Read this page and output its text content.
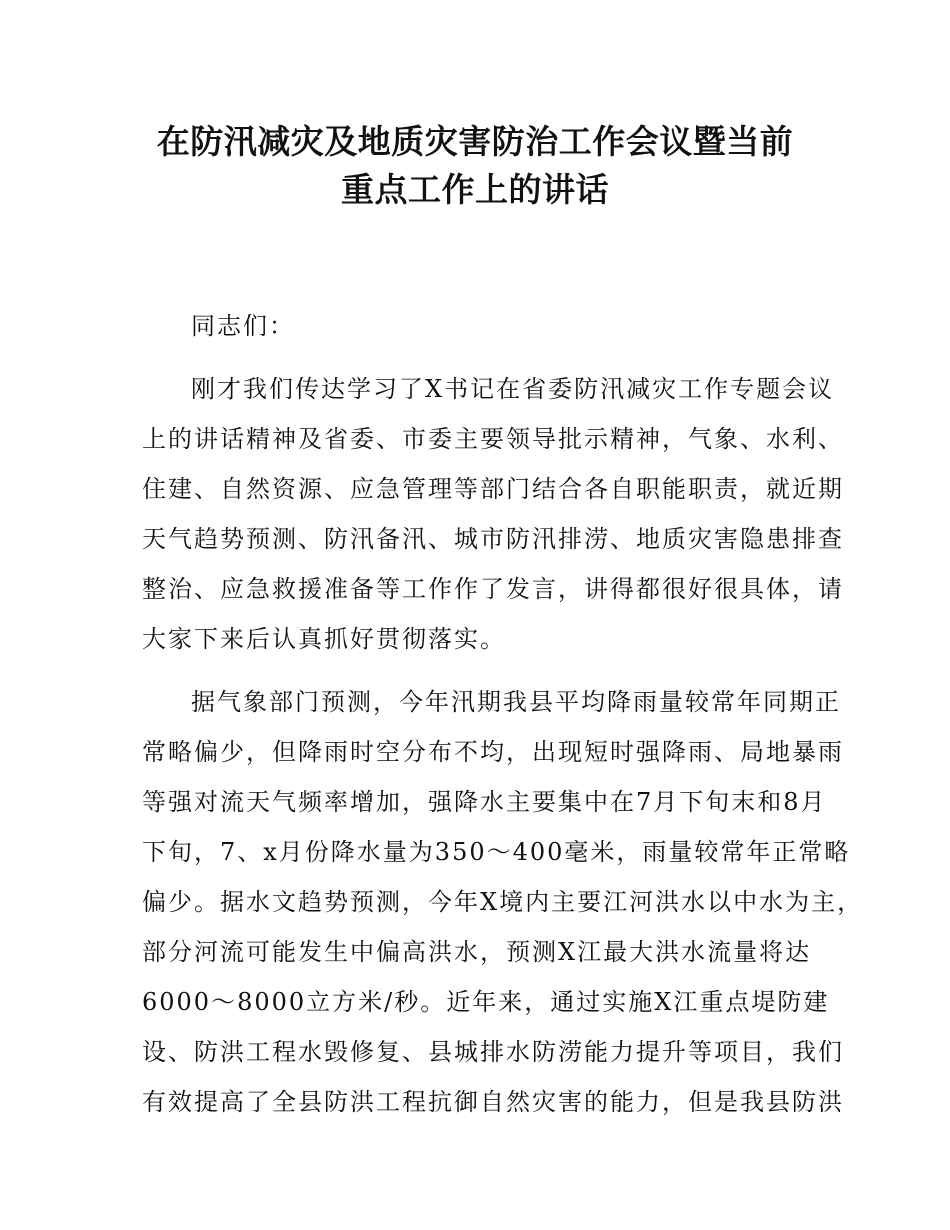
在防汛减灾及地质灾害防治工作会议暨当前
重点工作上的讲话

同志们：

刚才我们传达学习了X书记在省委防汛减灾工作专题会议

上的讲话精神及省委、市委主要领导批示精神，气象、水利、

住建、自然资源、应急管理等部门结合各自职能职责，就近期

天气趋势预测、防汛备汛、城市防汛排涝、地质灾害隐患排查

整治、应急救援准备等工作作了发言，讲得都很好很具体，请

大家下来后认真抓好贯彻落实。

据气象部门预测，今年汛期我县平均降雨量较常年同期正

常略偏少，但降雨时空分布不均，出现短时强降雨、局地暴雨

等强对流天气频率增加，强降水主要集中在7月下旬末和8月

下旬，7、x月份降水量为350～400毫米，雨量较常年正常略

偏少。据水文趋势预测，今年X境内主要江河洪水以中水为主，

部分河流可能发生中偏高洪水，预测X江最大洪水流量将达

6000～8000立方米/秒。近年来，通过实施X江重点堤防建

设、防洪工程水毁修复、县城排水防涝能力提升等项目，我们

有效提高了全县防洪工程抗御自然灾害的能力，但是我县防洪
